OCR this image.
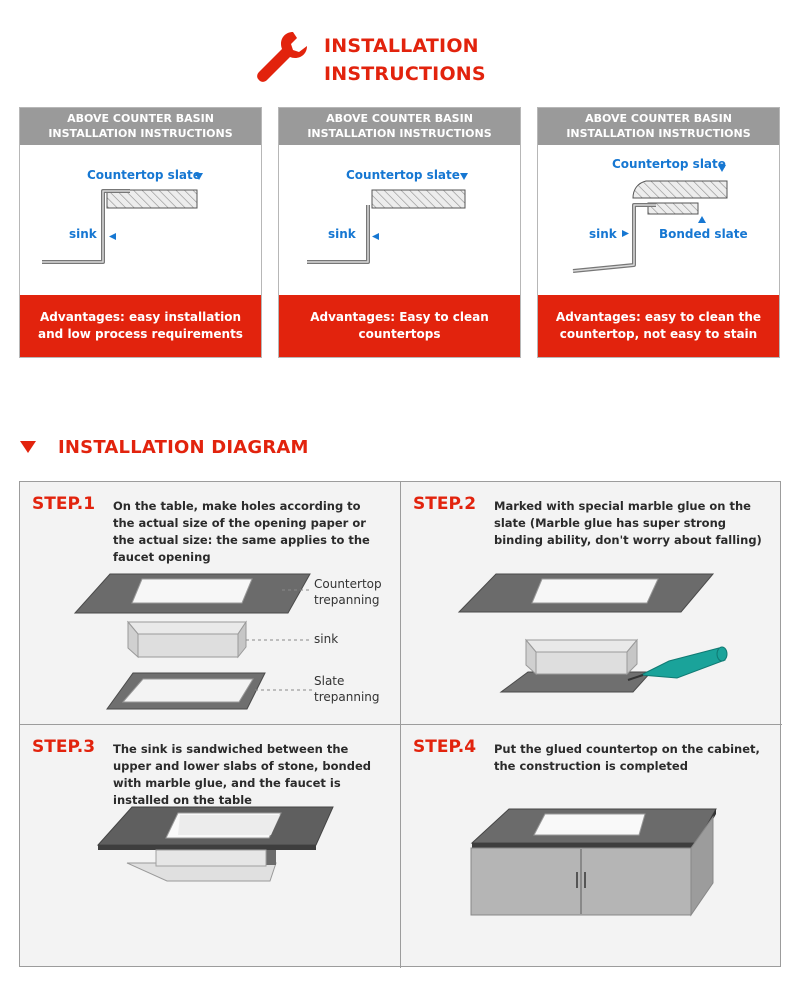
INSTALLATION
INSTRUCTIONS
ABOVE COUNTER BASIN
INSTALLATION INSTRUCTIONS
Countertop slate
sink
Advantages: easy installation and low process requirements
ABOVE COUNTER BASIN
INSTALLATION INSTRUCTIONS
Countertop slate
sink
Advantages: Easy to clean countertops
ABOVE COUNTER BASIN
INSTALLATION INSTRUCTIONS
Countertop slate
sink	Bonded slate
Advantages: easy to clean the countertop, not easy to stain
INSTALLATION DIAGRAM
STEP.1 On the table, make holes according to the actual size of the opening paper or the actual size: the same applies to the faucet opening
Countertop trepanning
sink
Slate trepanning
STEP.2 Marked with special marble glue on the slate (Marble glue has super strong binding ability, don't worry about falling)
STEP.3 The sink is sandwiched between the upper and lower slabs of stone, bonded with marble glue, and the faucet is installed on the table
STEP.4 Put the glued countertop on the cabinet, the construction is completed
